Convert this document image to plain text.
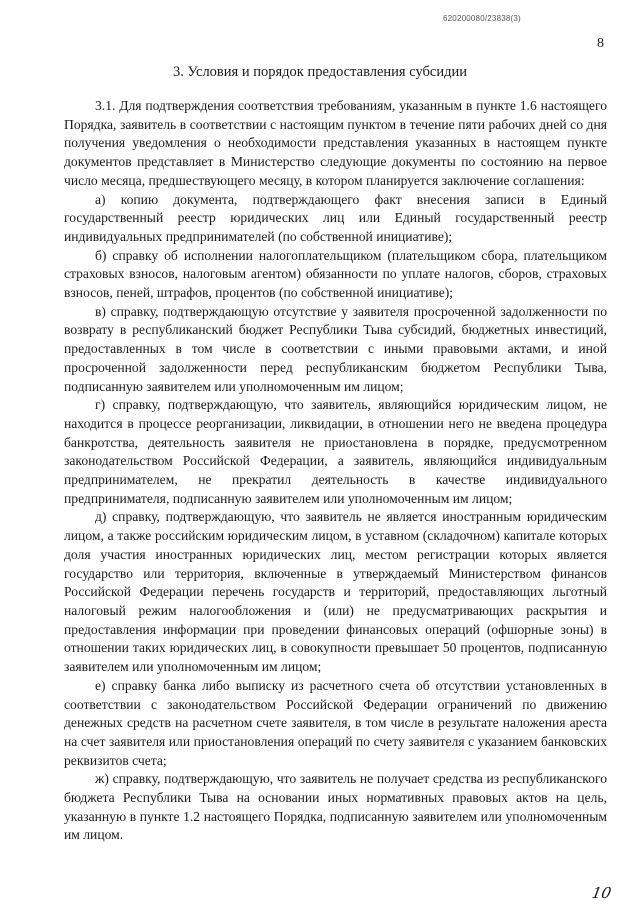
620200080/23838(3)
8
3. Условия и порядок предоставления субсидии

3.1. Для подтверждения соответствия требованиям, указанным в пункте 1.6 настоящего Порядка, заявитель в соответствии с настоящим пунктом в течение пяти рабочих дней со дня получения уведомления о необходимости представления указанных в настоящем пункте документов представляет в Министерство следующие документы по состоянию на первое число месяца, предшествующего месяцу, в котором планируется заключение соглашения:

а) копию документа, подтверждающего факт внесения записи в Единый государственный реестр юридических лиц или Единый государственный реестр индивидуальных предпринимателей (по собственной инициативе);

б) справку об исполнении налогоплательщиком (плательщиком сбора, плательщиком страховых взносов, налоговым агентом) обязанности по уплате налогов, сборов, страховых взносов, пеней, штрафов, процентов (по собственной инициативе);

в) справку, подтверждающую отсутствие у заявителя просроченной задолженности по возврату в республиканский бюджет Республики Тыва субсидий, бюджетных инвестиций, предоставленных в том числе в соответствии с иными правовыми актами, и иной просроченной задолженности перед республиканским бюджетом Республики Тыва, подписанную заявителем или уполномоченным им лицом;

г) справку, подтверждающую, что заявитель, являющийся юридическим лицом, не находится в процессе реорганизации, ликвидации, в отношении него не введена процедура банкротства, деятельность заявителя не приостановлена в порядке, предусмотренном законодательством Российской Федерации, а заявитель, являющийся индивидуальным предпринимателем, не прекратил деятельность в качестве индивидуального предпринимателя, подписанную заявителем или уполномоченным им лицом;

д) справку, подтверждающую, что заявитель не является иностранным юридическим лицом, а также российским юридическим лицом, в уставном (складочном) капитале которых доля участия иностранных юридических лиц, местом регистрации которых является государство или территория, включенные в утверждаемый Министерством финансов Российской Федерации перечень государств и территорий, предоставляющих льготный налоговый режим налогообложения и (или) не предусматривающих раскрытия и предоставления информации при проведении финансовых операций (офшорные зоны) в отношении таких юридических лиц, в совокупности превышает 50 процентов, подписанную заявителем или уполномоченным им лицом;

е) справку банка либо выписку из расчетного счета об отсутствии установленных в соответствии с законодательством Российской Федерации ограничений по движению денежных средств на расчетном счете заявителя, в том числе в результате наложения ареста на счет заявителя или приостановления операций по счету заявителя с указанием банковских реквизитов счета;

ж) справку, подтверждающую, что заявитель не получает средства из республиканского бюджета Республики Тыва на основании иных нормативных правовых актов на цель, указанную в пункте 1.2 настоящего Порядка, подписанную заявителем или уполномоченным им лицом.

10
